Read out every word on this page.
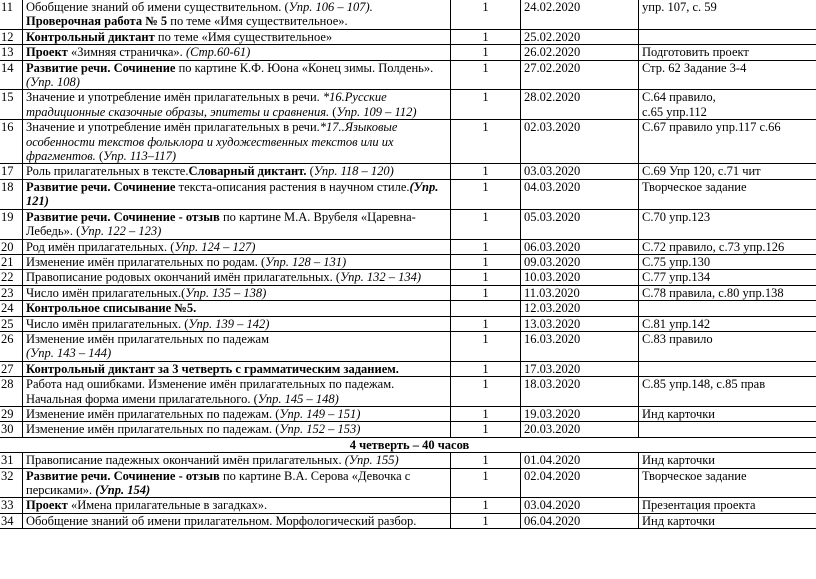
11	Обобщение знаний об имени существительном. (Упр. 106 – 107).
Проверочная работа № 5 по теме «Имя существительное».	1	24.02.2020	упр. 107, с. 59
12	Контрольный диктант по теме «Имя существительное»	1	25.02.2020	
13	Проект «Зимняя страничка». (Стр.60-61)	1	26.02.2020	Подготовить проект
14	Развитие речи. Сочинение по картине К.Ф. Юона «Конец зимы. Полдень». (Упр. 108)	1	27.02.2020	Стр. 62 Задание 3-4
15	Значение и употребление имён прилагательных в речи. *16.Русские традиционные сказочные образы, эпитеты и сравнения. (Упр. 109 – 112)	1	28.02.2020	С.64 правило,
с.65 упр.112
16	Значение и употребление имён прилагательных в речи.*17..Языковые особенности текстов фольклора и художественных текстов или их фрагментов. (Упр. 113–117)	1	02.03.2020	С.67 правило упр.117 с.66
17	Роль прилагательных в тексте.Словарный диктант. (Упр. 118 – 120)	1	03.03.2020	С.69 Упр 120, с.71 чит
18	Развитие речи. Сочинение текста-описания растения в научном стиле.(Упр. 121)	1	04.03.2020	Творческое задание
19	Развитие речи. Сочинение - отзыв по картине М.А. Врубеля «Царевна-Лебедь». (Упр. 122 – 123)	1	05.03.2020	С.70 упр.123
20	Род имён прилагательных. (Упр. 124 – 127)	1	06.03.2020	С.72 правило, с.73 упр.126
21	Изменение имён прилагательных по родам. (Упр. 128 – 131)	1	09.03.2020	С.75 упр.130
22	Правописание родовых окончаний имён прилагательных. (Упр. 132 – 134)	1	10.03.2020	С.77 упр.134
23	Число имён прилагательных.(Упр. 135 – 138)	1	11.03.2020	С.78 правила, с.80 упр.138
24	Контрольное списывание №5.		12.03.2020	
25	Число имён прилагательных. (Упр. 139 – 142)	1	13.03.2020	С.81 упр.142
26	Изменение имён прилагательных по падежам
(Упр. 143 – 144)	1	16.03.2020	С.83 правило
27	Контрольный диктант за 3 четверть с грамматическим заданием.	1	17.03.2020	
28	Работа над ошибками. Изменение имён прилагательных по падежам. Начальная форма имени прилагательного. (Упр. 145 – 148)	1	18.03.2020	С.85 упр.148, с.85 прав
29	Изменение имён прилагательных по падежам. (Упр. 149 – 151)	1	19.03.2020	Инд карточки
30	Изменение имён прилагательных по падежам. (Упр. 152 – 153)	1	20.03.2020	
4 четверть – 40 часов				
31	Правописание падежных окончаний имён прилагательных. (Упр. 155)	1	01.04.2020	Инд карточки
32	Развитие речи. Сочинение - отзыв по картине В.А. Серова «Девочка с персиками». (Упр. 154)	1	02.04.2020	Творческое задание
33	Проект «Имена прилагательные в загадках».	1	03.04.2020	Презентация проекта
34	Обобщение знаний об имени прилагательном. Морфологический разбор.	1	06.04.2020	Инд карточки
